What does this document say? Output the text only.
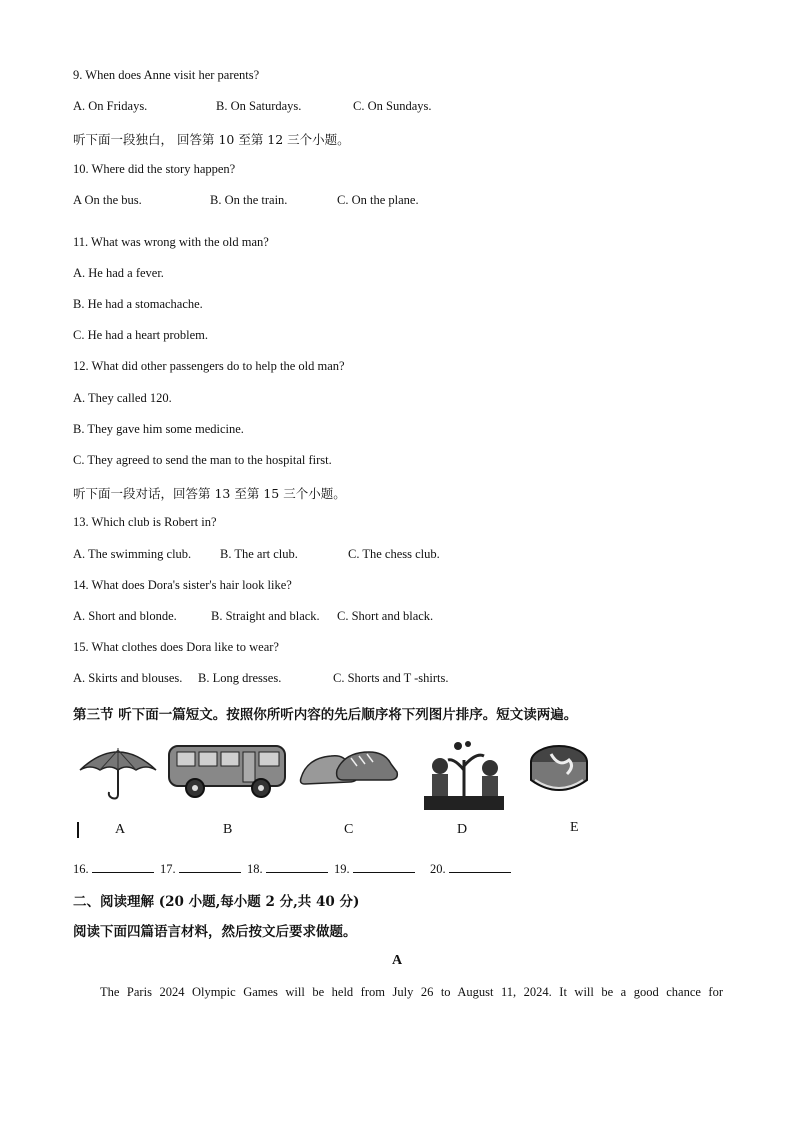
9. When does Anne visit her parents?
A. On Fridays.	B. On Saturdays.	C. On Sundays.
听下面一段独白， 回答第 10 至第 12 三个小题。
10. Where did the story happen?
A On the bus.	B. On the train.	C. On the plane.
11. What was wrong with the old man?
A. He had a fever.
B. He had a stomachache.
C. He had a heart problem.
12. What did other passengers do to help the old man?
A. They called 120.
B. They gave him some medicine.
C. They agreed to send the man to the hospital first.
听下面一段对话，回答第 13 至第 15 三个小题。
13. Which club is Robert in?
A. The swimming club. B. The art club.	C. The chess club.
14. What does Dora's sister's hair look like?
A. Short and blonde.	B. Straight and black. C. Short and black.
15. What clothes does Dora like to wear?
A. Skirts and blouses. B. Long dresses.	C. Shorts and T -shirts.
第三节 听下面一篇短文。按照你所听内容的先后顺序将下列图片排序。短文读两遍。
A	B	C	D	E
16.	17.	18.	19.	20.
二、阅读理解 (20 小题,每小题 2 分,共 40 分)
阅读下面四篇语言材料，然后按文后要求做题。
A
The Paris 2024 Olympic Games will be held from July 26 to August 11, 2024. It will be a good chance for
